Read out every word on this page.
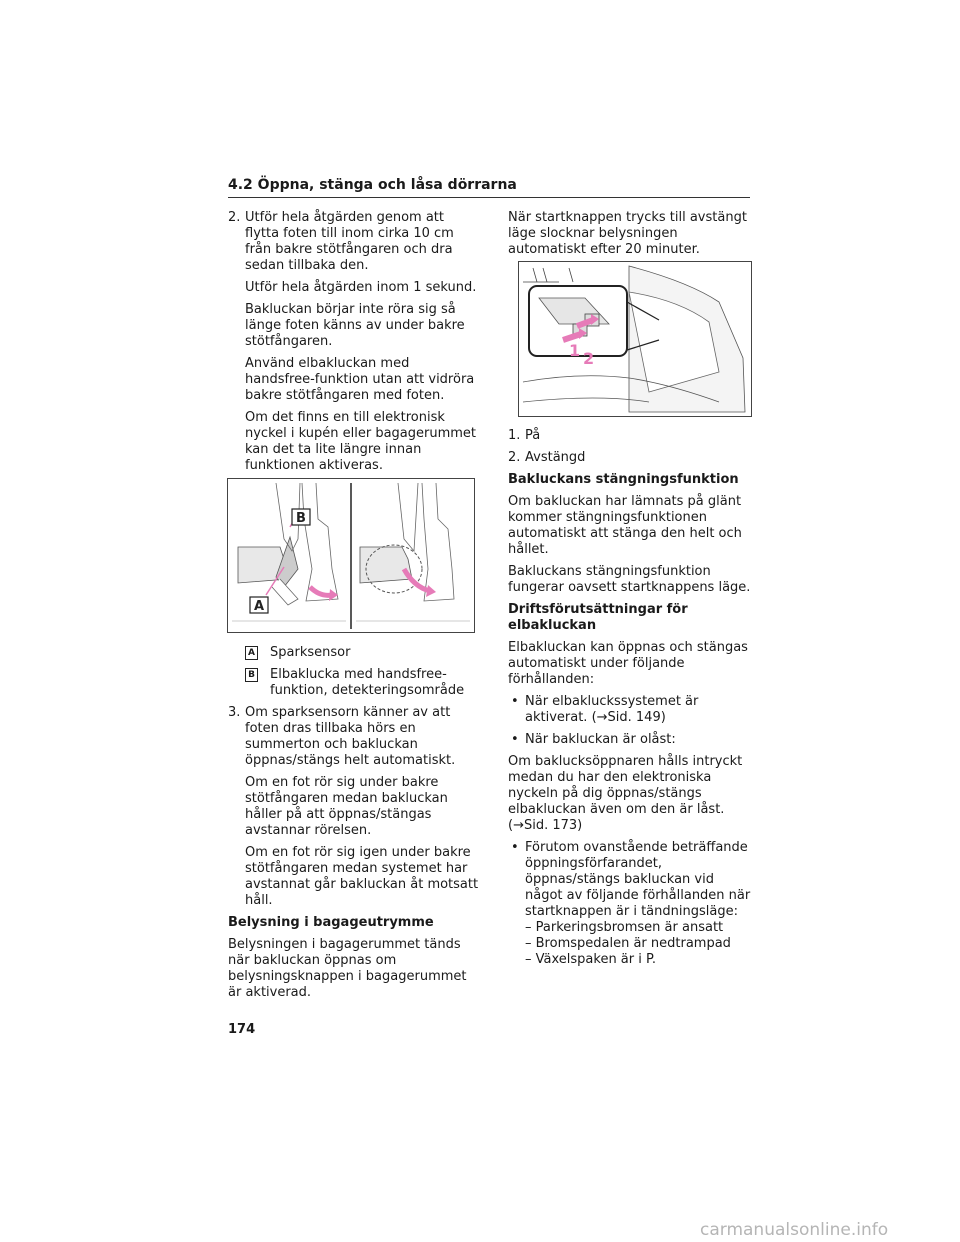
4.2 Öppna, stänga och låsa dörrarna
2. Utför hela åtgärden genom att flytta foten till inom cirka 10 cm från bakre stötfångaren och dra sedan tillbaka den.

Utför hela åtgärden inom 1 sekund.

Bakluckan börjar inte röra sig så länge foten känns av under bakre stötfångaren.

Använd elbakluckan med handsfree-funktion utan att vidröra bakre stötfångaren med foten.

Om det finns en till elektronisk nyckel i kupén eller bagagerummet kan det ta lite längre innan funktionen aktiveras.

B
A
A Sparksensor
B Elbaklucka med handsfree-funktion, detekteringsområde
3. Om sparksensorn känner av att foten dras tillbaka hörs en summerton och bakluckan öppnas/stängs helt automatiskt.

Om en fot rör sig under bakre stötfångaren medan bakluckan håller på att öppnas/stängas avstannar rörelsen.

Om en fot rör sig igen under bakre stötfångaren medan systemet har avstannat går bakluckan åt motsatt håll.

Belysning i bagageutrymme

Belysningen i bagagerummet tänds när bakluckan öppnas om belysningsknappen i bagagerummet är aktiverad.

När startknappen trycks till avstängt läge slocknar belysningen automatiskt efter 20 minuter.

1 2
1. På

2. Avstängd

Bakluckans stängningsfunktion

Om bakluckan har lämnats på glänt kommer stängningsfunktionen automatiskt att stänga den helt och hållet.

Bakluckans stängningsfunktion fungerar oavsett startknappens läge.

Driftsförutsättningar för elbakluckan

Elbakluckan kan öppnas och stängas automatiskt under följande förhållanden:

• När elbakluckssystemet är aktiverat. (→Sid. 149)

• När bakluckan är olåst:

Om baklucksöppnaren hålls intryckt medan du har den elektroniska nyckeln på dig öppnas/stängs elbakluckan även om den är låst. (→Sid. 173)

• Förutom ovanstående beträffande öppningsförfarandet, öppnas/stängs bakluckan vid något av följande förhållanden när startknappen är i tändningsläge:

– Parkeringsbromsen är ansatt

– Bromspedalen är nedtrampad

– Växelspaken är i P.

174
carmanualsonline.info
